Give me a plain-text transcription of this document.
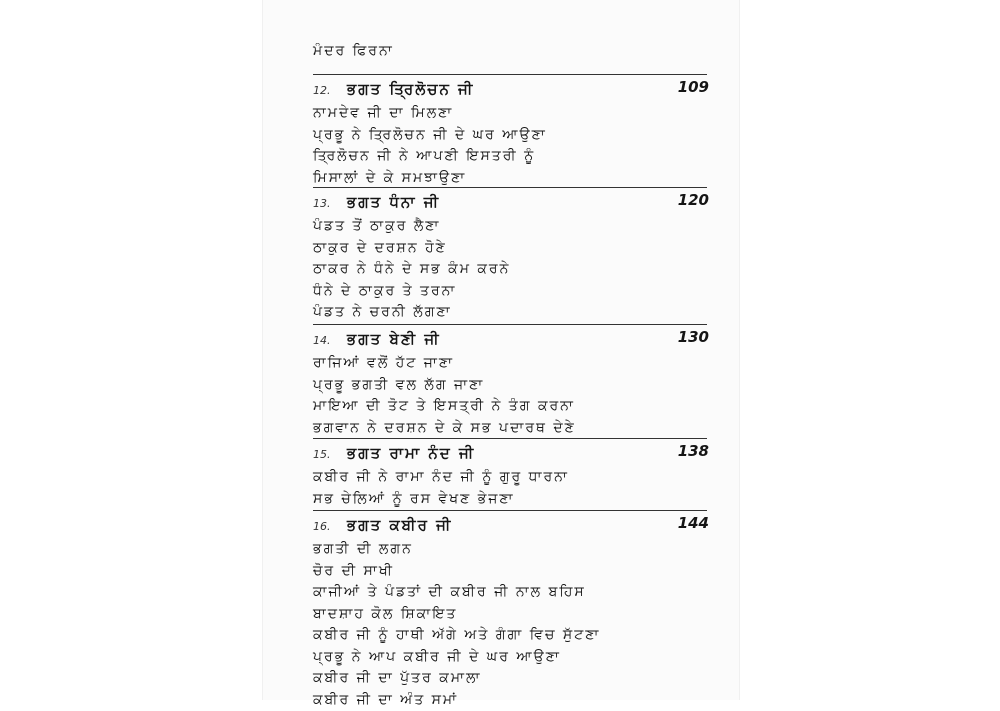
ਮੰਦਰ ਫਿਰਨਾ
12. ਭਗਤ ਤ੍ਰਿਲੋਚਨ ਜੀ	109
ਨਾਮਦੇਵ ਜੀ ਦਾ ਮਿਲਣਾ
ਪ੍ਰਭੂ ਨੇ ਤ੍ਰਿਲੋਚਨ ਜੀ ਦੇ ਘਰ ਆਉਣਾ
ਤ੍ਰਿਲੋਚਨ ਜੀ ਨੇ ਆਪਣੀ ਇਸਤਰੀ ਨੂੰ
ਮਿਸਾਲਾਂ ਦੇ ਕੇ ਸਮਝਾਉਣਾ
13. ਭਗਤ ਧੰਨਾ ਜੀ	120
ਪੰਡਤ ਤੋਂ ਠਾਕੁਰ ਲੈਣਾ
ਠਾਕੁਰ ਦੇ ਦਰਸ਼ਨ ਹੋਣੇ
ਠਾਕਰ ਨੇ ਧੰਨੇ ਦੇ ਸਭ ਕੰਮ ਕਰਨੇ
ਧੰਨੇ ਦੇ ਠਾਕੁਰ ਤੇ ਤਰਨਾ
ਪੰਡਤ ਨੇ ਚਰਨੀ ਲੱਗਣਾ
14. ਭਗਤ ਬੇਣੀ ਜੀ	130
ਰਾਜਿਆਂ ਵਲੋਂ ਹੱਟ ਜਾਣਾ
ਪ੍ਰਭੂ ਭਗਤੀ ਵਲ ਲੱਗ ਜਾਣਾ
ਮਾਇਆ ਦੀ ਤੋਟ ਤੇ ਇਸਤ੍ਰੀ ਨੇ ਤੰਗ ਕਰਨਾ
ਭਗਵਾਨ ਨੇ ਦਰਸ਼ਨ ਦੇ ਕੇ ਸਭ ਪਦਾਰਥ ਦੇਣੇ
15. ਭਗਤ ਰਾਮਾ ਨੰਦ ਜੀ	138
ਕਬੀਰ ਜੀ ਨੇ ਰਾਮਾ ਨੰਦ ਜੀ ਨੂੰ ਗੁਰੂ ਧਾਰਨਾ
ਸਭ ਚੇਲਿਆਂ ਨੂੰ ਰਸ ਵੇਖਣ ਭੇਜਣਾ
16. ਭਗਤ ਕਬੀਰ ਜੀ	144
ਭਗਤੀ ਦੀ ਲਗਨ
ਚੋਰ ਦੀ ਸਾਖੀ
ਕਾਜੀਆਂ ਤੇ ਪੰਡਤਾਂ ਦੀ ਕਬੀਰ ਜੀ ਨਾਲ ਬਹਿਸ
ਬਾਦਸ਼ਾਹ ਕੋਲ ਸ਼ਿਕਾਇਤ
ਕਬੀਰ ਜੀ ਨੂੰ ਹਾਥੀ ਅੱਗੇ ਅਤੇ ਗੰਗਾ ਵਿਚ ਸੁੱਟਣਾ
ਪ੍ਰਭੂ ਨੇ ਆਪ ਕਬੀਰ ਜੀ ਦੇ ਘਰ ਆਉਣਾ
ਕਬੀਰ ਜੀ ਦਾ ਪੁੱਤਰ ਕਮਾਲਾ
ਕਬੀਰ ਜੀ ਦਾ ਅੰਤ ਸਮਾਂ
